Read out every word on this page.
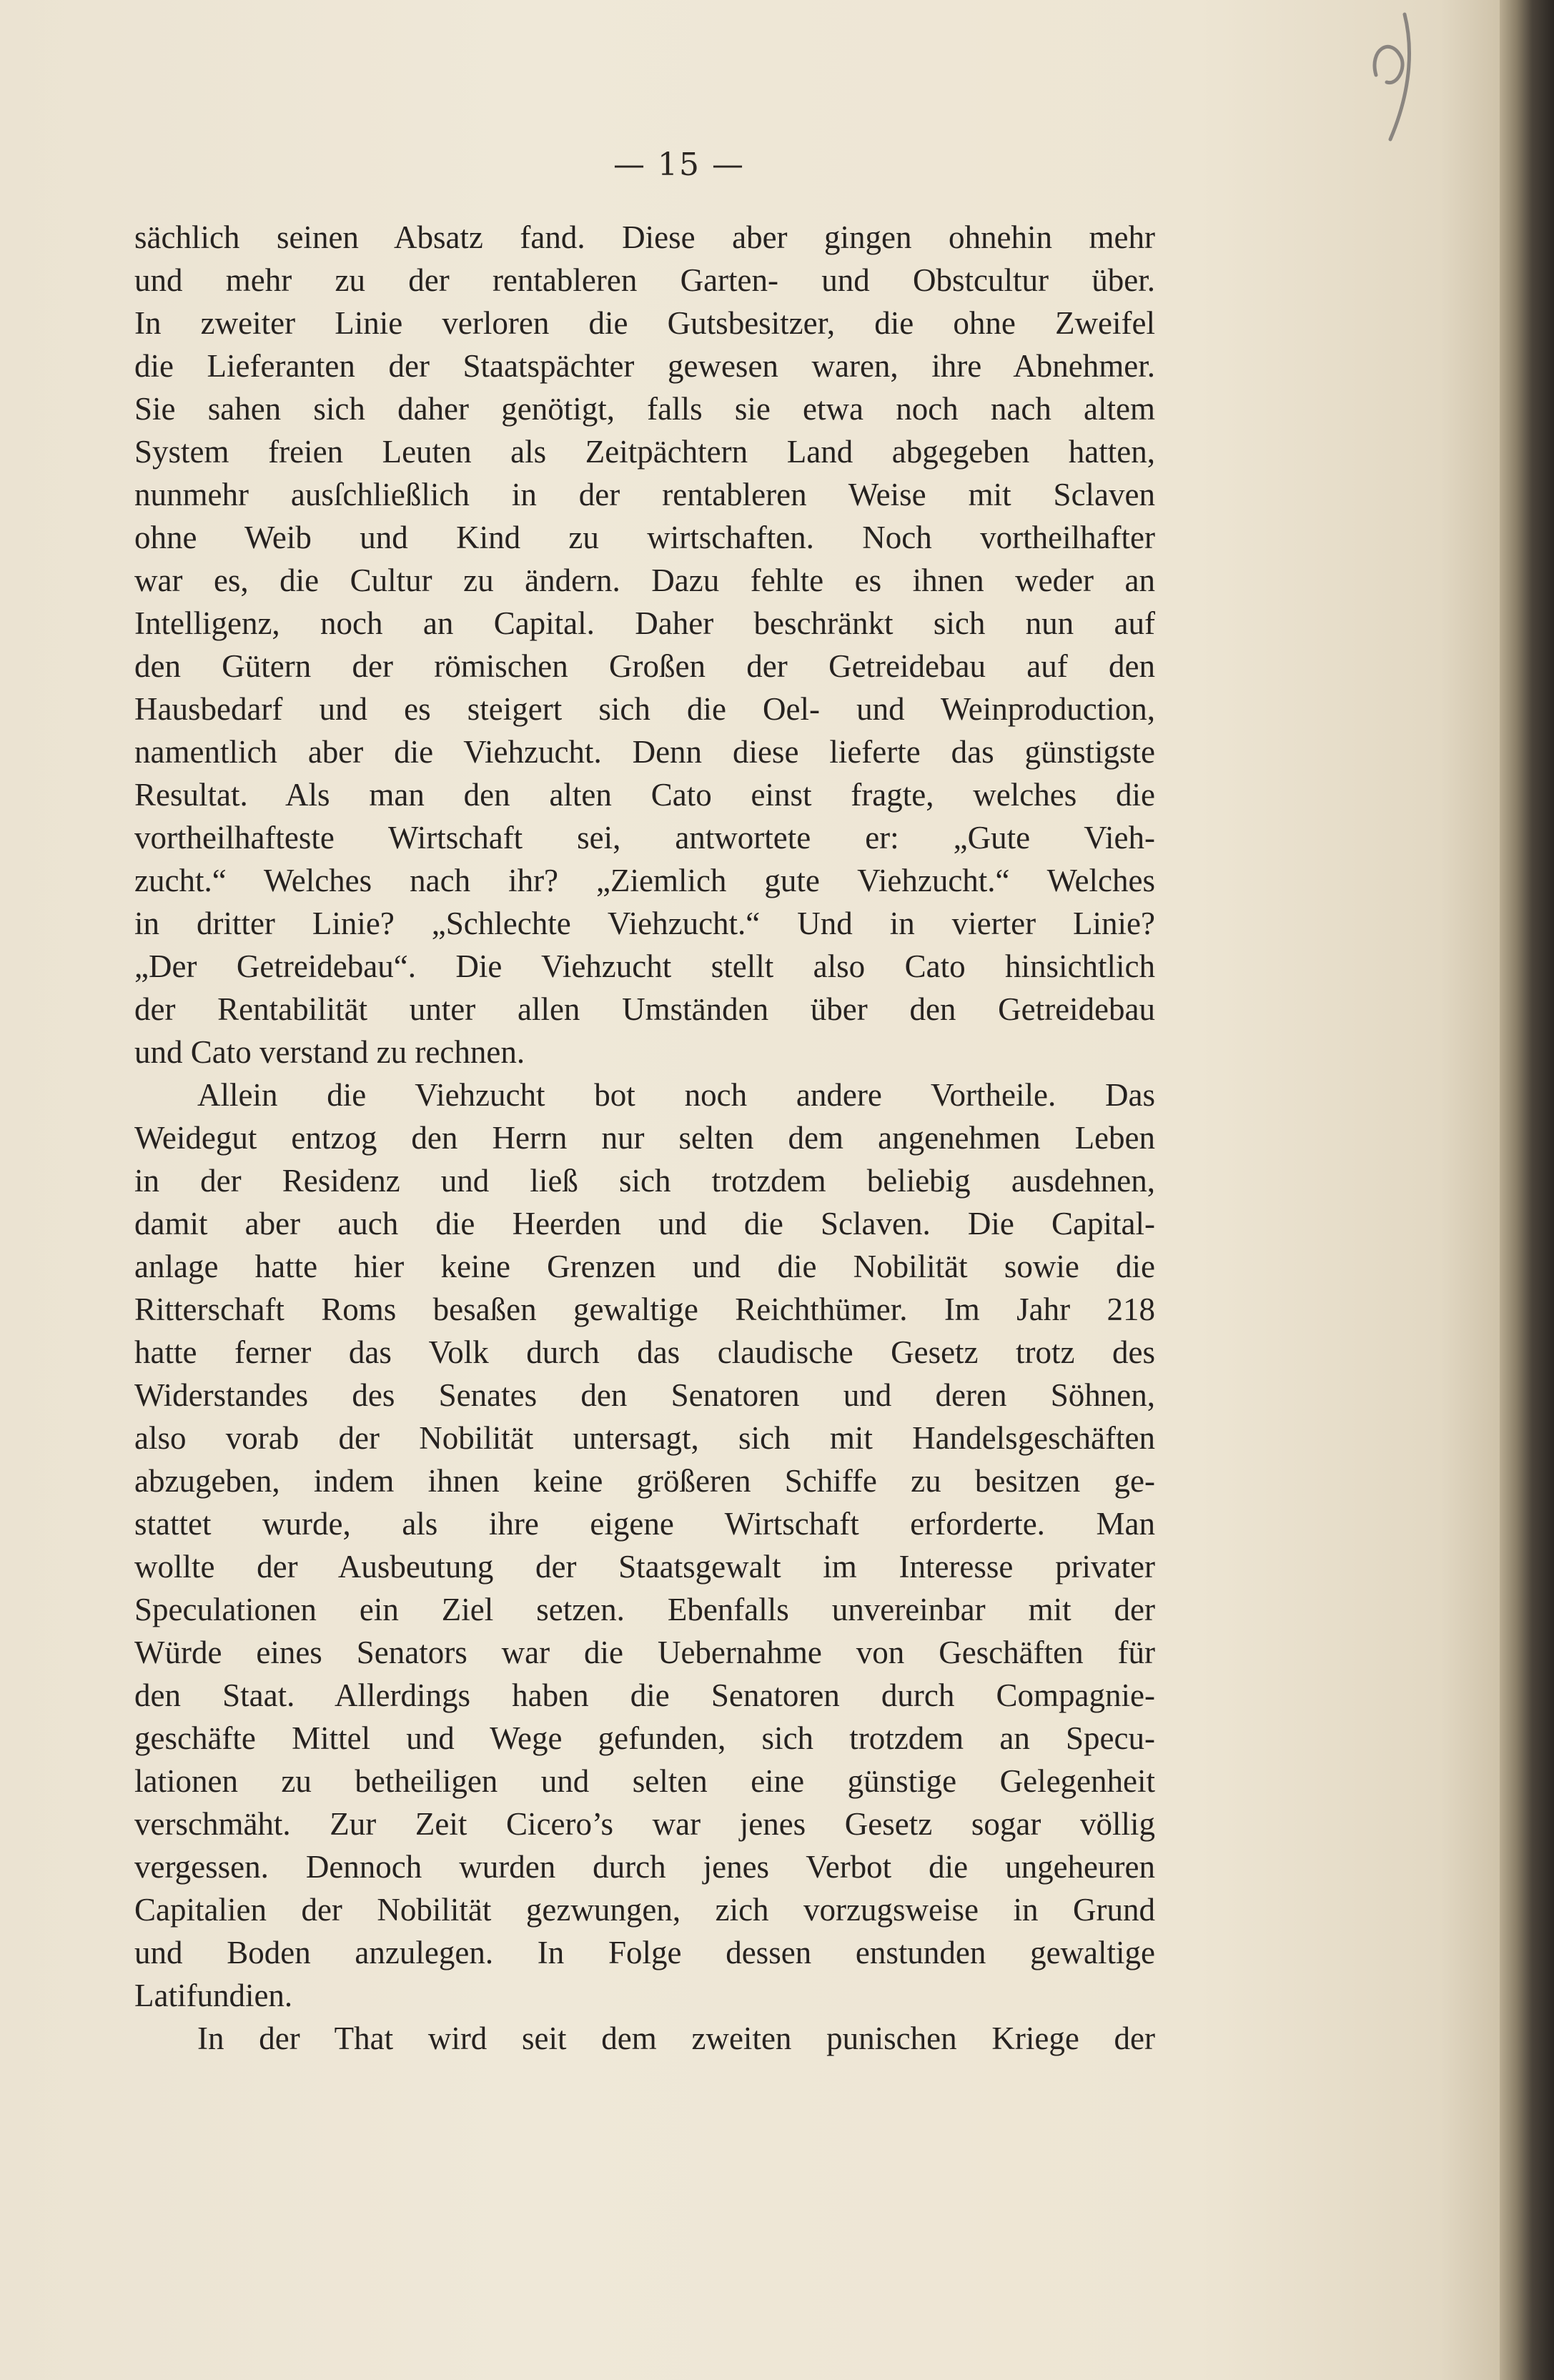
— 15 —
sächlich seinen Absatz fand. Diese aber gingen ohnehin mehr
und mehr zu der rentableren Garten- und Obstcultur über.
In zweiter Linie verloren die Gutsbesitzer, die ohne Zweifel
die Lieferanten der Staatspächter gewesen waren, ihre Abnehmer.
Sie sahen sich daher genötigt, falls sie etwa noch nach altem
System freien Leuten als Zeitpächtern Land abgegeben hatten,
nunmehr ausſchließlich in der rentableren Weise mit Sclaven
ohne Weib und Kind zu wirtschaften. Noch vortheilhafter
war es, die Cultur zu ändern. Dazu fehlte es ihnen weder an
Intelligenz, noch an Capital. Daher beschränkt sich nun auf
den Gütern der römischen Großen der Getreidebau auf den
Hausbedarf und es steigert sich die Oel- und Weinproduction,
namentlich aber die Viehzucht. Denn diese lieferte das günstigste
Resultat. Als man den alten Cato einst fragte, welches die
vortheilhafteste Wirtschaft sei, antwortete er: „Gute Vieh-
zucht.“ Welches nach ihr? „Ziemlich gute Viehzucht.“ Welches
in dritter Linie? „Schlechte Viehzucht.“ Und in vierter Linie?
„Der Getreidebau“. Die Viehzucht stellt also Cato hinsichtlich
der Rentabilität unter allen Umständen über den Getreidebau
und Cato verstand zu rechnen.
Allein die Viehzucht bot noch andere Vortheile. Das
Weidegut entzog den Herrn nur selten dem angenehmen Leben
in der Residenz und ließ sich trotzdem beliebig ausdehnen,
damit aber auch die Heerden und die Sclaven. Die Capital-
anlage hatte hier keine Grenzen und die Nobilität sowie die
Ritterschaft Roms besaßen gewaltige Reichthümer. Im Jahr 218
hatte ferner das Volk durch das claudische Gesetz trotz des
Widerstandes des Senates den Senatoren und deren Söhnen,
also vorab der Nobilität untersagt, sich mit Handelsgeschäften
abzugeben, indem ihnen keine größeren Schiffe zu besitzen ge-
stattet wurde, als ihre eigene Wirtschaft erforderte. Man
wollte der Ausbeutung der Staatsgewalt im Interesse privater
Speculationen ein Ziel setzen. Ebenfalls unvereinbar mit der
Würde eines Senators war die Uebernahme von Geschäften für
den Staat. Allerdings haben die Senatoren durch Compagnie-
geschäfte Mittel und Wege gefunden, sich trotzdem an Specu-
lationen zu betheiligen und selten eine günstige Gelegenheit
verschmäht. Zur Zeit Cicero’s war jenes Gesetz sogar völlig
vergessen. Dennoch wurden durch jenes Verbot die ungeheuren
Capitalien der Nobilität gezwungen, zich vorzugsweise in Grund
und Boden anzulegen. In Folge dessen enstunden gewaltige
Latifundien.
In der That wird seit dem zweiten punischen Kriege der
